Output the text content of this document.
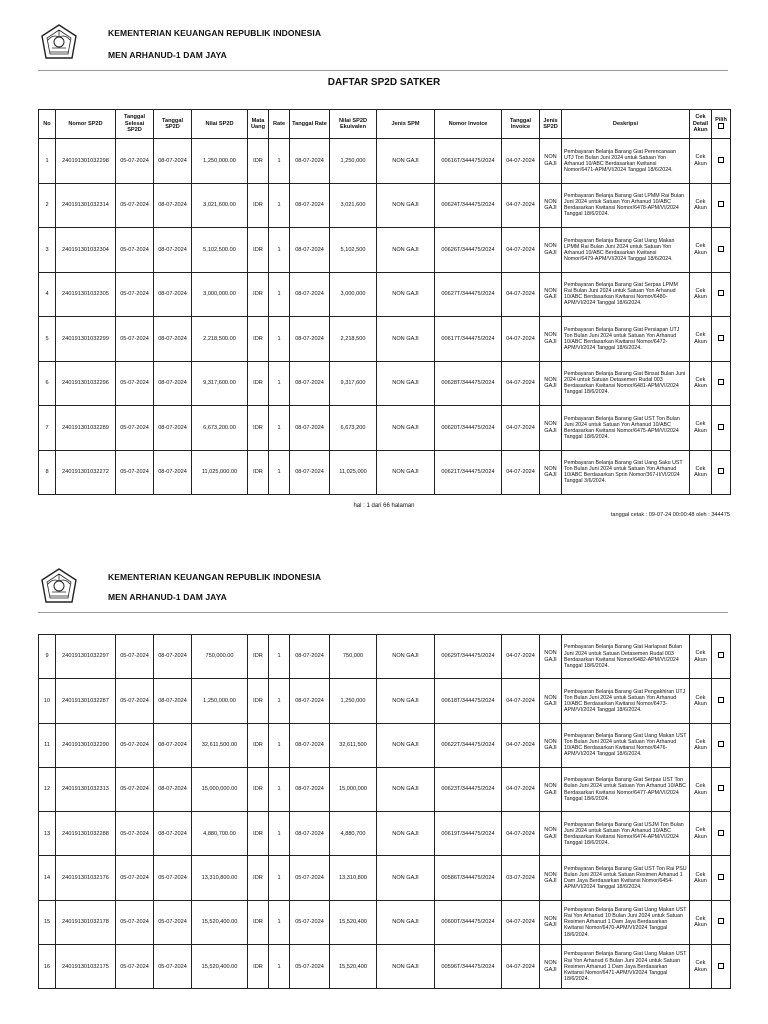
KEMENTERIAN KEUANGAN REPUBLIK INDONESIA
MEN ARHANUD-1 DAM JAYA
DAFTAR SP2D SATKER
No	Nomor SP2D	Tanggal Selesai SP2D	Tanggal SP2D	Nilai SP2D	Mata Uang	Rate	Tanggal Rate	Nilai SP2D Ekuivalen	Jenis SPM	Nomor Invoice	Tanggal Invoice	Jenis SP2D	Deskripsi	Cek Detail Akun	Pilih

1	240191301032298	05-07-2024	08-07-2024	1,250,000.00	IDR	1	08-07-2024	1,250,000	NON GAJI	00616T/344475/2024	04-07-2024	NON GAJI	Pembayaran Belanja Barang Giat Perencanaan UTJ Ton Bulan Juni 2024 untuk Satuan Yon Arhanud 10/ABC Berdasarkan Kwitansi Nomor/6471-APM/VI/2024 Tanggal 18/6/2024.	Cek Akun	
2	240191301032314	05-07-2024	08-07-2024	3,021,600.00	IDR	1	08-07-2024	3,021,600	NON GAJI	00624T/344475/2024	04-07-2024	NON GAJI	Pembayaran Belanja Barang Giat LPMM Rai Bulan Juni 2024 untuk Satuan Yon Arhanud 10/ABC Berdasarkan Kwitansi Nomor/6478-APM/VI/2024 Tanggal 18/6/2024.	Cek Akun	
3	240191301032304	05-07-2024	08-07-2024	5,102,500.00	IDR	1	08-07-2024	5,102,500	NON GAJI	00626T/344475/2024	04-07-2024	NON GAJI	Pembayaran Belanja Barang Giat Uang Makan LPMM Rai Bulan Juni 2024 untuk Satuan Yon Arhanud 10/ABC Berdasarkan Kwitansi Nomor/6479-APM/VI/2024 Tanggal 18/6/2024.	Cek Akun	
4	240191301032305	05-07-2024	08-07-2024	3,000,000.00	IDR	1	08-07-2024	3,000,000	NON GAJI	00627T/344475/2024	04-07-2024	NON GAJI	Pembayaran Belanja Barang Giat Serpas LPMM Rai Bulan Juni 2024 untuk Satuan Yon Arhanud 10/ABC Berdasarkan Kwitansi Nomor/6480-APM/VI/2024 Tanggal 18/6/2024.	Cek Akun	
5	240191301032299	05-07-2024	08-07-2024	2,218,500.00	IDR	1	08-07-2024	2,218,500	NON GAJI	00617T/344475/2024	04-07-2024	NON GAJI	Pembayaran Belanja Barang Giat Persiapan UTJ Ton Bulan Juni 2024 untuk Satuan Yon Arhanud 10/ABC Berdasarkan Kwitansi Nomor/6472-APM/VI/2024 Tanggal 18/6/2024.	Cek Akun	
6	240191301032296	05-07-2024	08-07-2024	9,317,600.00	IDR	1	08-07-2024	9,317,600	NON GAJI	00628T/344475/2024	04-07-2024	NON GAJI	Pembayaran Belanja Barang Giat Binsat Bulan Juni 2024 untuk Satuan Detasemen Rudal 003 Berdasarkan Kwitansi Nomor/6481-APM/VI/2024 Tanggal 18/6/2024.	Cek Akun	
7	240191301032289	05-07-2024	08-07-2024	6,673,200.00	IDR	1	08-07-2024	6,673,200	NON GAJI	00620T/344475/2024	04-07-2024	NON GAJI	Pembayaran Belanja Barang Giat UST Ton Bulan Juni 2024 untuk Satuan Yon Arhanud 10/ABC Berdasarkan Kwitansi Nomor/6475-APM/VI/2024 Tanggal 18/6/2024.	Cek Akun	
8	240191301032272	05-07-2024	08-07-2024	11,025,000.00	IDR	1	08-07-2024	11,025,000	NON GAJI	00621T/344475/2024	04-07-2024	NON GAJI	Pembayaran Belanja Barang Giat Uang Saku UST Ton Bulan Juni 2024 untuk Satuan Yon Arhanud 10/ABC Berdasarkan Sprin Nomor/367-II/VI/2024 Tanggal 3/6/2024.	Cek Akun	
hal : 1 dari 66 halaman
tanggal cetak : 09-07-24 00:00:48 oleh : 344475
KEMENTERIAN KEUANGAN REPUBLIK INDONESIA
MEN ARHANUD-1 DAM JAYA
9	240191301032297	05-07-2024	08-07-2024	750,000.00	IDR	1	08-07-2024	750,000	NON GAJI	00629T/344475/2024	04-07-2024	NON GAJI	Pembayaran Belanja Barang Giat Harlapsat Bulan Juni 2024 untuk Satuan Detasemen Rudal 003 Berdasarkan Kwitansi Nomor/6482-APM/VI/2024 Tanggal 18/6/2024.	Cek Akun	
10	240191301032287	05-07-2024	08-07-2024	1,250,000.00	IDR	1	08-07-2024	1,250,000	NON GAJI	00618T/344475/2024	04-07-2024	NON GAJI	Pembayaran Belanja Barang Giat Pengakhiran UTJ Ton Bulan Juni 2024 untuk Satuan Yon Arhanud 10/ABC Berdasarkan Kwitansi Nomor/6473-APM/VI/2024 Tanggal 18/6/2024.	Cek Akun	
11	240191301032290	05-07-2024	08-07-2024	32,611,500.00	IDR	1	08-07-2024	32,611,500	NON GAJI	00622T/344475/2024	04-07-2024	NON GAJI	Pembayaran Belanja Barang Giat Uang Makan UST Ton Bulan Juni 2024 untuk Satuan Yon Arhanud 10/ABC Berdasarkan Kwitansi Nomor/6476-APM/VI/2024 Tanggal 18/6/2024.	Cek Akun	
12	240191301032313	05-07-2024	08-07-2024	15,000,000.00	IDR	1	08-07-2024	15,000,000	NON GAJI	00623T/344475/2024	04-07-2024	NON GAJI	Pembayaran Belanja Barang Giat Serpas UST Ton Bulan Juni 2024 untuk Satuan Yon Arhanud 10/ABC Berdasarkan Kwitansi Nomor/6477-APM/VI/2024 Tanggal 18/6/2024.	Cek Akun	
13	240191301032288	05-07-2024	08-07-2024	4,880,700.00	IDR	1	08-07-2024	4,880,700	NON GAJI	00619T/344475/2024	04-07-2024	NON GAJI	Pembayaran Belanja Barang Giat USJM Ton Bulan Juni 2024 untuk Satuan Yon Arhanud 10/ABC Berdasarkan Kwitansi Nomor/6474-APM/VI/2024 Tanggal 18/6/2024.	Cek Akun	
14	240191301032176	05-07-2024	05-07-2024	13,310,800.00	IDR	1	05-07-2024	13,310,800	NON GAJI	00586T/344475/2024	03-07-2024	NON GAJI	Pembayaran Belanja Barang Giat UST Ton Rai PSU Bulan Juni 2024 untuk Satuan Resimen Arhanud 1 Dam Jaya Berdasarkan Kwitansi Nomor/6454-APM/VI/2024 Tanggal 18/6/2024.	Cek Akun	
15	240191301032178	05-07-2024	05-07-2024	15,520,400.00	IDR	1	05-07-2024	15,520,400	NON GAJI	00600T/344475/2024	04-07-2024	NON GAJI	Pembayaran Belanja Barang Giat Uang Makan UST Rai Yon Arhanud 10 Bulan Juni 2024 untuk Satuan Resimen Arhanud 1 Dam Jaya Berdasarkan Kwitansi Nomor/6470-APM/VI/2024 Tanggal 18/6/2024.	Cek Akun	
16	240191301032175	05-07-2024	05-07-2024	15,520,400.00	IDR	1	05-07-2024	15,520,400	NON GAJI	00596T/344475/2024	04-07-2024	NON GAJI	Pembayaran Belanja Barang Giat Uang Makan UST Rai Yon Arhanud 6 Bulan Juni 2024 untuk Satuan Resimen Arhanud 1 Dam Jaya Berdasarkan Kwitansi Nomor/6471-APM/VI/2024 Tanggal 18/6/2024.	Cek Akun	
